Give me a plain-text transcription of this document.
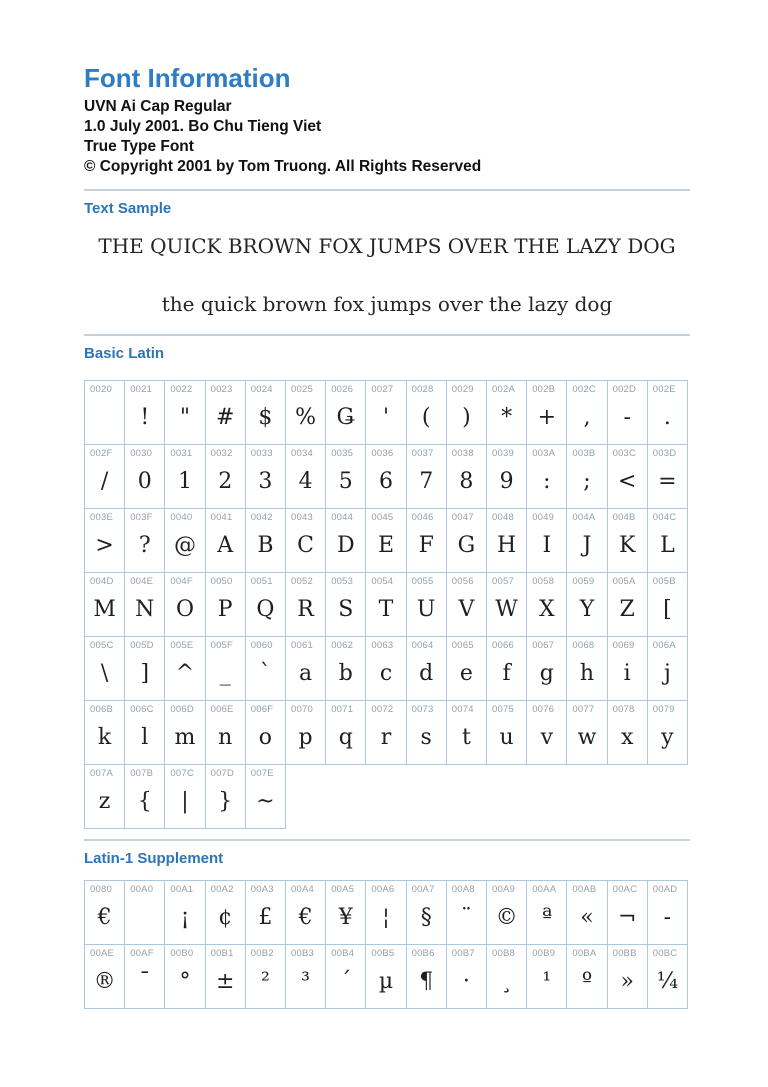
Font Information
UVN Ai Cap Regular
1.0 July 2001. Bo Chu Tieng Viet
True Type Font
© Copyright 2001 by Tom Truong. All Rights Reserved
Text Sample
THE QUICK BROWN FOX JUMPS OVER THE LAZY DOG
the quick brown fox jumps over the lazy dog
Basic Latin
0020	0021
!
0022
"
0023
#
0024
$
0025
%
0026
Ǥ
0027
'
0028
(
0029
)
002A
*
002B
+
002C
,
002D
-
002E
.
002F
/
0030
0
0031
1
0032
2
0033
3
0034
4
0035
5
0036
6
0037
7
0038
8
0039
9
003A
:
003B
;
003C
<
003D
=
003E
>
003F
?
0040
@
0041
A
0042
B
0043
C
0044
D
0045
E
0046
F
0047
G
0048
H
0049
I
004A
J
004B
K
004C
L
004D
M
004E
N
004F
O
0050
P
0051
Q
0052
R
0053
S
0054
T
0055
U
0056
V
0057
W
0058
X
0059
Y
005A
Z
005B
[
005C
\
005D
]
005E
^
005F
_
0060
`
0061
a
0062
b
0063
c
0064
d
0065
e
0066
f
0067
g
0068
h
0069
i
006A
j
006B
k
006C
l
006D
m
006E
n
006F
o
0070
p
0071
q
0072
r
0073
s
0074
t
0075
u
0076
v
0077
w
0078
x
0079
y
007A
z
007B
{
007C
|
007D
}
007E
~
Latin-1 Supplement
0080
€
00A0	00A1
¡
00A2
¢
00A3
£
00A4
€
00A5
¥
00A6
¦
00A7
§
00A8
¨
00A9
©
00AA
ª
00AB
«
00AC
¬
00AD
-
00AE
®
00AF
¯
00B0
°
00B1
±
00B2
²
00B3
³
00B4
´
00B5
µ
00B6
¶
00B7
·
00B8
¸
00B9
¹
00BA
º
00BB
»
00BC
¼
